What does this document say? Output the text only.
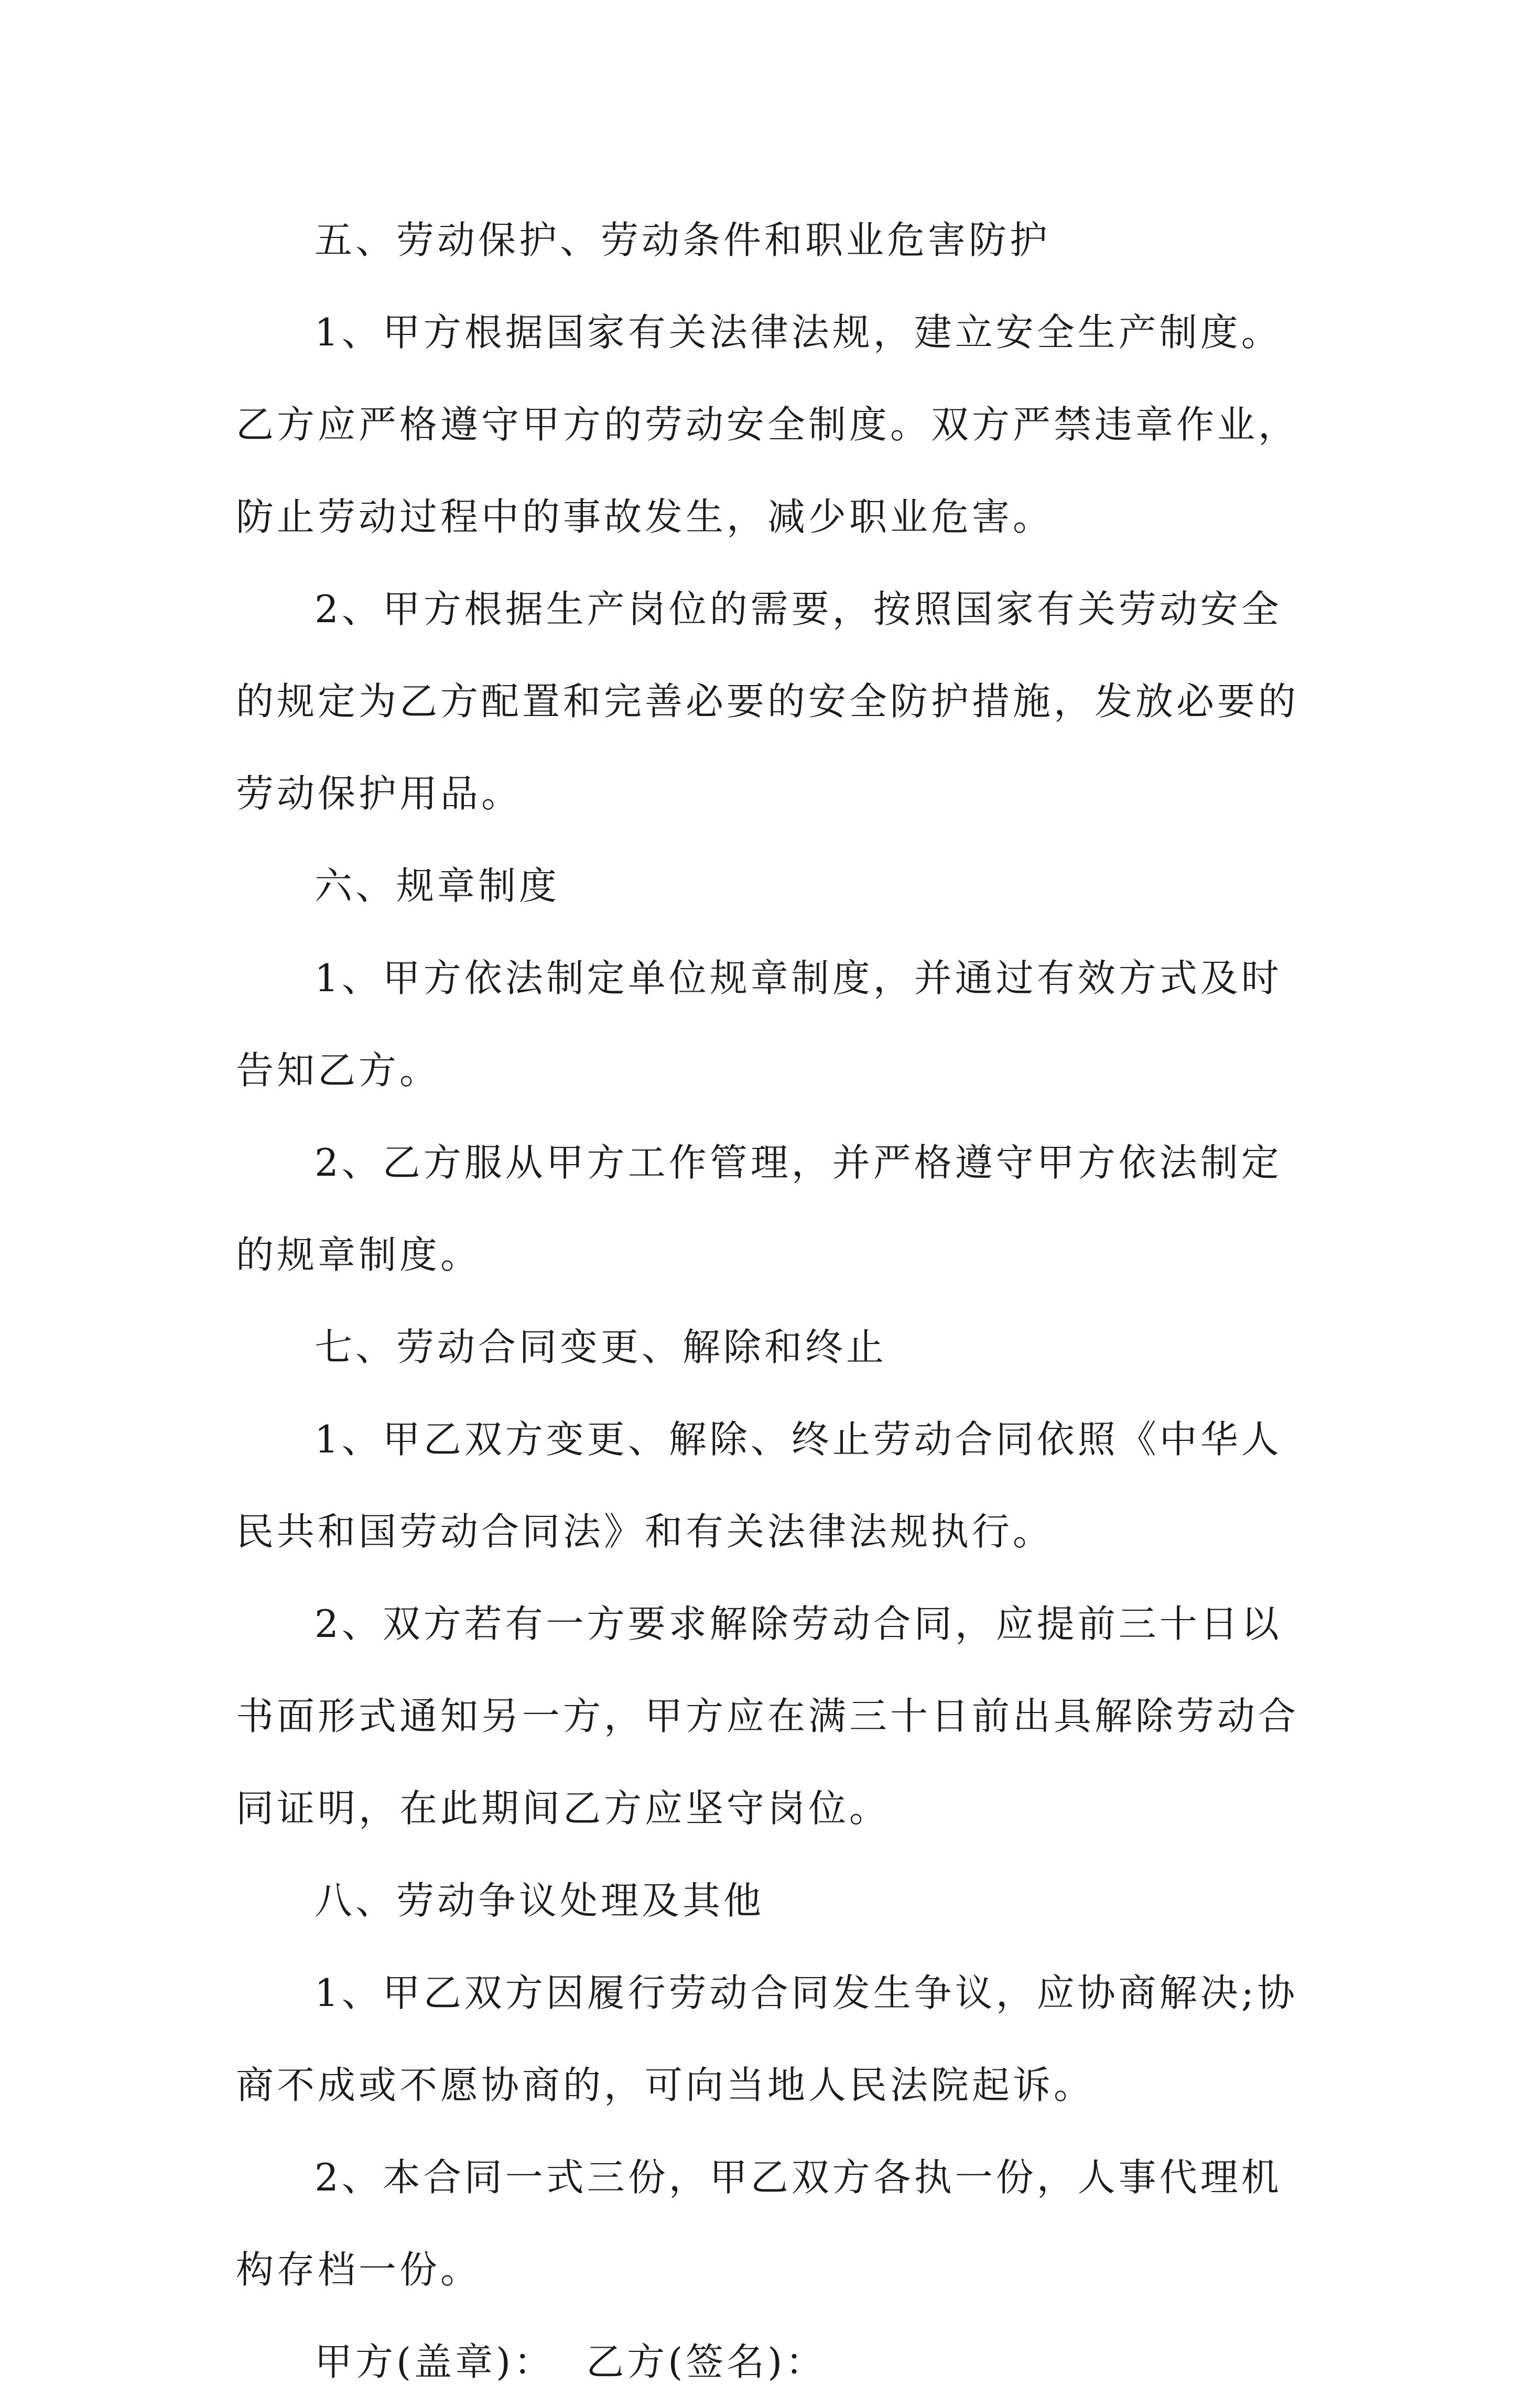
五、劳动保护、劳动条件和职业危害防护
1、甲方根据国家有关法律法规，建立安全生产制度。
乙方应严格遵守甲方的劳动安全制度。双方严禁违章作业，
防止劳动过程中的事故发生，减少职业危害。
2、甲方根据生产岗位的需要，按照国家有关劳动安全
的规定为乙方配置和完善必要的安全防护措施，发放必要的
劳动保护用品。
六、规章制度
1、甲方依法制定单位规章制度，并通过有效方式及时
告知乙方。
2、乙方服从甲方工作管理，并严格遵守甲方依法制定
的规章制度。
七、劳动合同变更、解除和终止
1、甲乙双方变更、解除、终止劳动合同依照《中华人
民共和国劳动合同法》和有关法律法规执行。
2、双方若有一方要求解除劳动合同，应提前三十日以
书面形式通知另一方，甲方应在满三十日前出具解除劳动合
同证明，在此期间乙方应坚守岗位。
八、劳动争议处理及其他
1、甲乙双方因履行劳动合同发生争议，应协商解决;协
商不成或不愿协商的，可向当地人民法院起诉。
2、本合同一式三份，甲乙双方各执一份，人事代理机
构存档一份。
甲方(盖章)： 乙方(签名)：
